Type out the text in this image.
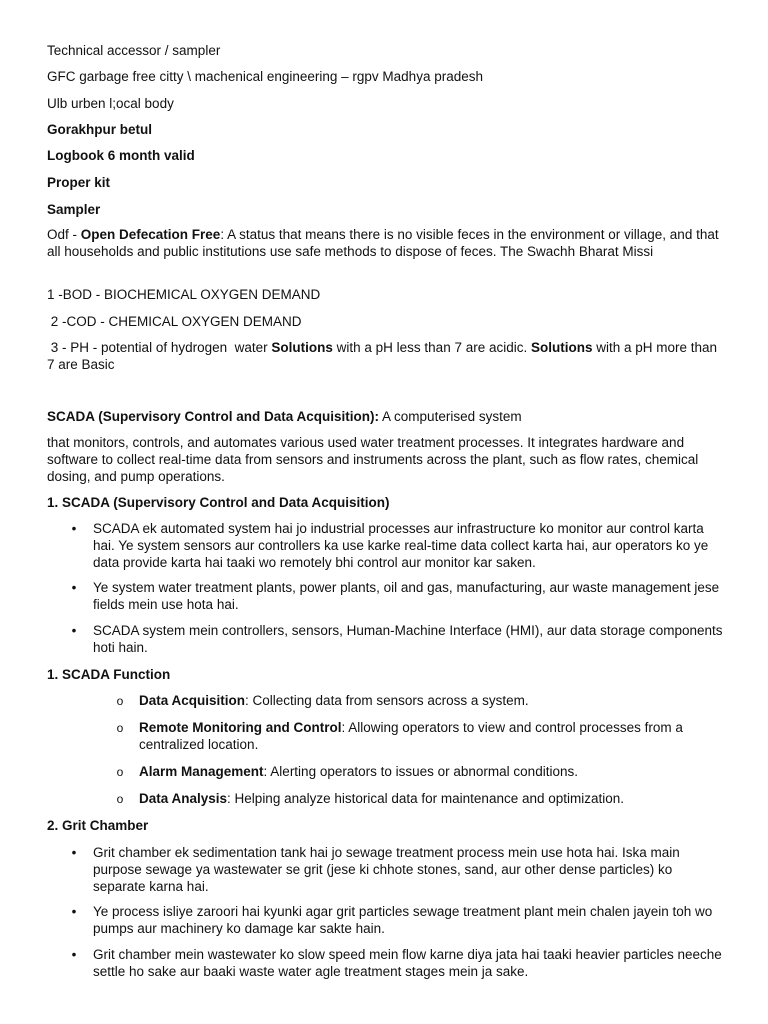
Technical accessor / sampler

GFC garbage free citty \ machenical engineering – rgpv Madhya pradesh

Ulb urben l;ocal body

Gorakhpur betul

Logbook 6 month valid

Proper kit

Sampler

Odf - Open Defecation Free: A status that means there is no visible feces in the environment or village, and that all households and public institutions use safe methods to dispose of feces. The Swachh Bharat Missi

1 -BOD - BIOCHEMICAL OXYGEN DEMAND

2 -COD - CHEMICAL OXYGEN DEMAND

3 - PH - potential of hydrogen  water Solutions with a pH less than 7 are acidic. Solutions with a pH more than 7 are Basic

SCADA (Supervisory Control and Data Acquisition): A computerised system

that monitors, controls, and automates various used water treatment processes. It integrates hardware and software to collect real-time data from sensors and instruments across the plant, such as flow rates, chemical dosing, and pump operations.

1. SCADA (Supervisory Control and Data Acquisition)

• SCADA ek automated system hai jo industrial processes aur infrastructure ko monitor aur control karta hai. Ye system sensors aur controllers ka use karke real-time data collect karta hai, aur operators ko ye data provide karta hai taaki wo remotely bhi control aur monitor kar saken.
• Ye system water treatment plants, power plants, oil and gas, manufacturing, aur waste management jese fields mein use hota hai.
• SCADA system mein controllers, sensors, Human-Machine Interface (HMI), aur data storage components hoti hain.

1. SCADA Function

o Data Acquisition: Collecting data from sensors across a system.
o Remote Monitoring and Control: Allowing operators to view and control processes from a centralized location.
o Alarm Management: Alerting operators to issues or abnormal conditions.
o Data Analysis: Helping analyze historical data for maintenance and optimization.

2. Grit Chamber

• Grit chamber ek sedimentation tank hai jo sewage treatment process mein use hota hai. Iska main purpose sewage ya wastewater se grit (jese ki chhote stones, sand, aur other dense particles) ko separate karna hai.
• Ye process isliye zaroori hai kyunki agar grit particles sewage treatment plant mein chalen jayein toh wo pumps aur machinery ko damage kar sakte hain.
• Grit chamber mein wastewater ko slow speed mein flow karne diya jata hai taaki heavier particles neeche settle ho sake aur baaki waste water agle treatment stages mein ja sake.
